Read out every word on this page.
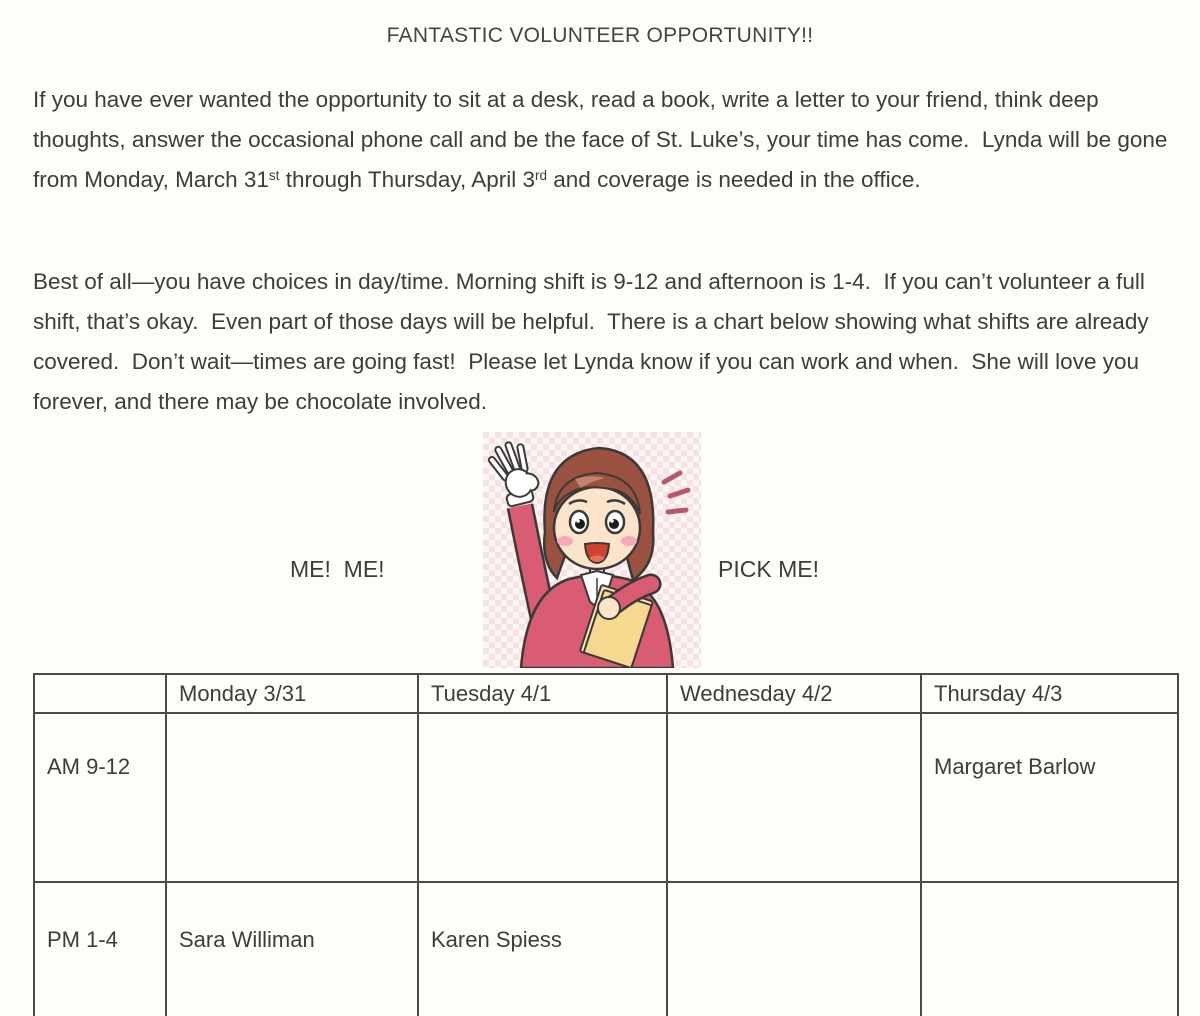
FANTASTIC VOLUNTEER OPPORTUNITY!!
If you have ever wanted the opportunity to sit at a desk, read a book, write a letter to your friend, think deep thoughts, answer the occasional phone call and be the face of St. Luke’s, your time has come.  Lynda will be gone from Monday, March 31st through Thursday, April 3rd and coverage is needed in the office.
Best of all—you have choices in day/time. Morning shift is 9-12 and afternoon is 1-4.  If you can’t volunteer a full shift, that’s okay.  Even part of those days will be helpful.  There is a chart below showing what shifts are already covered.  Don’t wait—times are going fast!  Please let Lynda know if you can work and when.  She will love you forever, and there may be chocolate involved.
ME!  ME!	PICK ME!
	Monday 3/31	Tuesday 4/1	Wednesday 4/2	Thursday 4/3
AM 9-12				Margaret Barlow
PM 1-4	Sara Williman	Karen Spiess		
